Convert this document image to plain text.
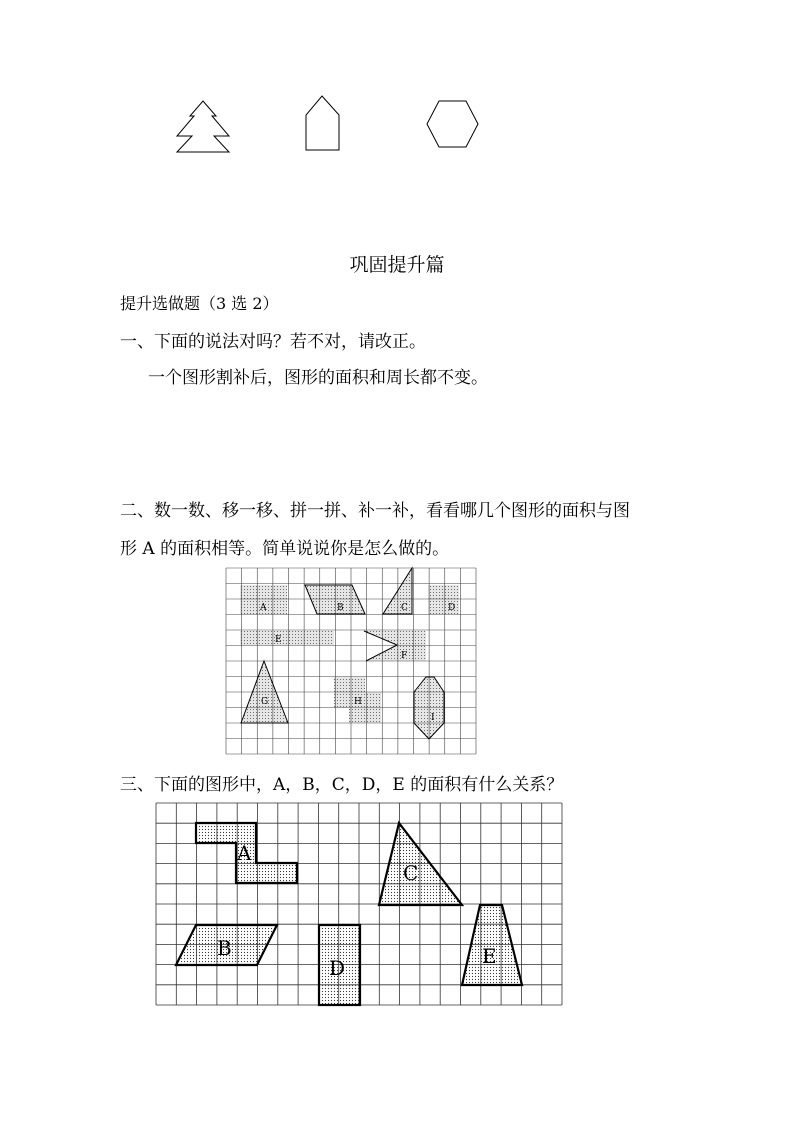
A	B	C	D
E
F
G	H
I
A
B
C
D	E
巩固提升篇
提升选做题（3 选 2）
一、下面的说法对吗？若不对，请改正。
一个图形割补后，图形的面积和周长都不变。
二、数一数、移一移、拼一拼、补一补，看看哪几个图形的面积与图
形 A 的面积相等。简单说说你是怎么做的。
三、下面的图形中，A，B，C，D，E 的面积有什么关系？
